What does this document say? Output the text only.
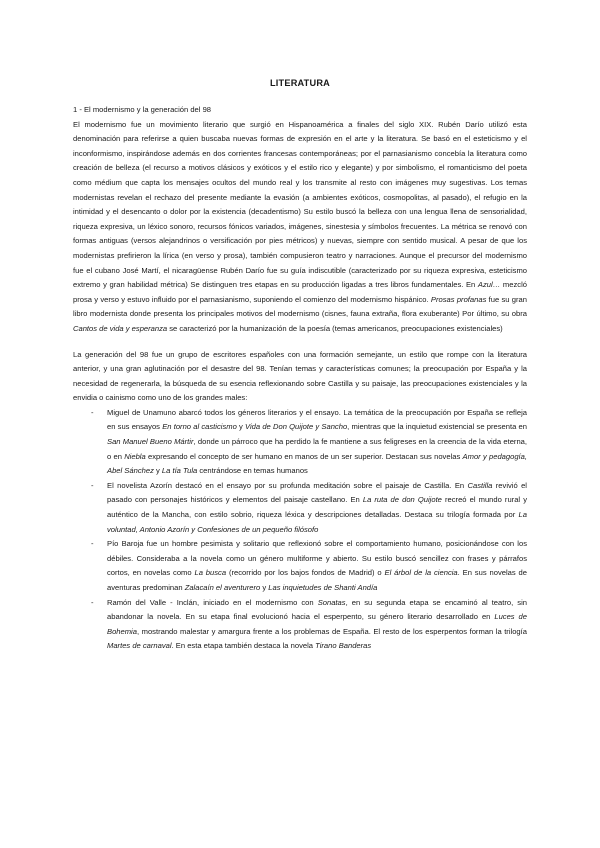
LITERATURA
1 - El modernismo y la generación del 98

El modernismo fue un movimiento literario que surgió en Hispanoamérica a finales del siglo XIX. Rubén Darío utilizó esta denominación para referirse a quien buscaba nuevas formas de expresión en el arte y la literatura. Se basó en el esteticismo y el inconformismo, inspirándose además en dos corrientes francesas contemporáneas; por el parnasianismo concebía la literatura como creación de belleza (el recurso a motivos clásicos y exóticos y el estilo rico y elegante) y por simbolismo, el romanticismo del poeta como médium que capta los mensajes ocultos del mundo real y los transmite al resto con imágenes muy sugestivas. Los temas modernistas revelan el rechazo del presente mediante la evasión (a ambientes exóticos, cosmopolitas, al pasado), el refugio en la intimidad y el desencanto o dolor por la existencia (decadentismo) Su estilo buscó la belleza con una lengua llena de sensorialidad, riqueza expresiva, un léxico sonoro, recursos fónicos variados, imágenes, sinestesia y símbolos frecuentes. La métrica se renovó con formas antiguas (versos alejandrinos o versificación por pies métricos) y nuevas, siempre con sentido musical. A pesar de que los modernistas prefirieron la lírica (en verso y prosa), también compusieron teatro y narraciones. Aunque el precursor del modernismo fue el cubano José Martí, el nicaragüense Rubén Darío fue su guía indiscutible (caracterizado por su riqueza expresiva, esteticismo extremo y gran habilidad métrica) Se distinguen tres etapas en su producción ligadas a tres libros fundamentales. En Azul… mezcló prosa y verso y estuvo influido por el parnasianismo, suponiendo el comienzo del modernismo hispánico. Prosas profanas fue su gran libro modernista donde presenta los principales motivos del modernismo (cisnes, fauna extraña, flora exuberante) Por último, su obra Cantos de vida y esperanza se caracterizó por la humanización de la poesía (temas americanos, preocupaciones existenciales)

La generación del 98 fue un grupo de escritores españoles con una formación semejante, un estilo que rompe con la literatura anterior, y una gran aglutinación por el desastre del 98. Tenían temas y características comunes; la preocupación por España y la necesidad de regenerarla, la búsqueda de su esencia reflexionando sobre Castilla y su paisaje, las preocupaciones existenciales y la envidia o cainismo como uno de los grandes males:

- Miguel de Unamuno abarcó todos los géneros literarios y el ensayo. La temática de la preocupación por España se refleja en sus ensayos En torno al casticismo y Vida de Don Quijote y Sancho, mientras que la inquietud existencial se presenta en San Manuel Bueno Mártir, donde un párroco que ha perdido la fe mantiene a sus feligreses en la creencia de la vida eterna, o en Niebla expresando el concepto de ser humano en manos de un ser superior. Destacan sus novelas Amor y pedagogía, Abel Sánchez y La tía Tula centrándose en temas humanos
- El novelista Azorín destacó en el ensayo por su profunda meditación sobre el paisaje de Castilla. En Castilla revivió el pasado con personajes históricos y elementos del paisaje castellano. En La ruta de don Quijote recreó el mundo rural y auténtico de la Mancha, con estilo sobrio, riqueza léxica y descripciones detalladas. Destaca su trilogía formada por La voluntad, Antonio Azorín y Confesiones de un pequeño filósofo
- Pío Baroja fue un hombre pesimista y solitario que reflexionó sobre el comportamiento humano, posicionándose con los débiles. Consideraba a la novela como un género multiforme y abierto. Su estilo buscó sencillez con frases y párrafos cortos, en novelas como La busca (recorrido por los bajos fondos de Madrid) o El árbol de la ciencia. En sus novelas de aventuras predominan Zalacaín el aventurero y Las inquietudes de Shanti Andía
- Ramón del Valle - Inclán, iniciado en el modernismo con Sonatas, en su segunda etapa se encaminó al teatro, sin abandonar la novela. En su etapa final evolucionó hacia el esperpento, su género literario desarrollado en Luces de Bohemia, mostrando malestar y amargura frente a los problemas de España. El resto de los esperpentos forman la trilogía Martes de carnaval. En esta etapa también destaca la novela Tirano Banderas
